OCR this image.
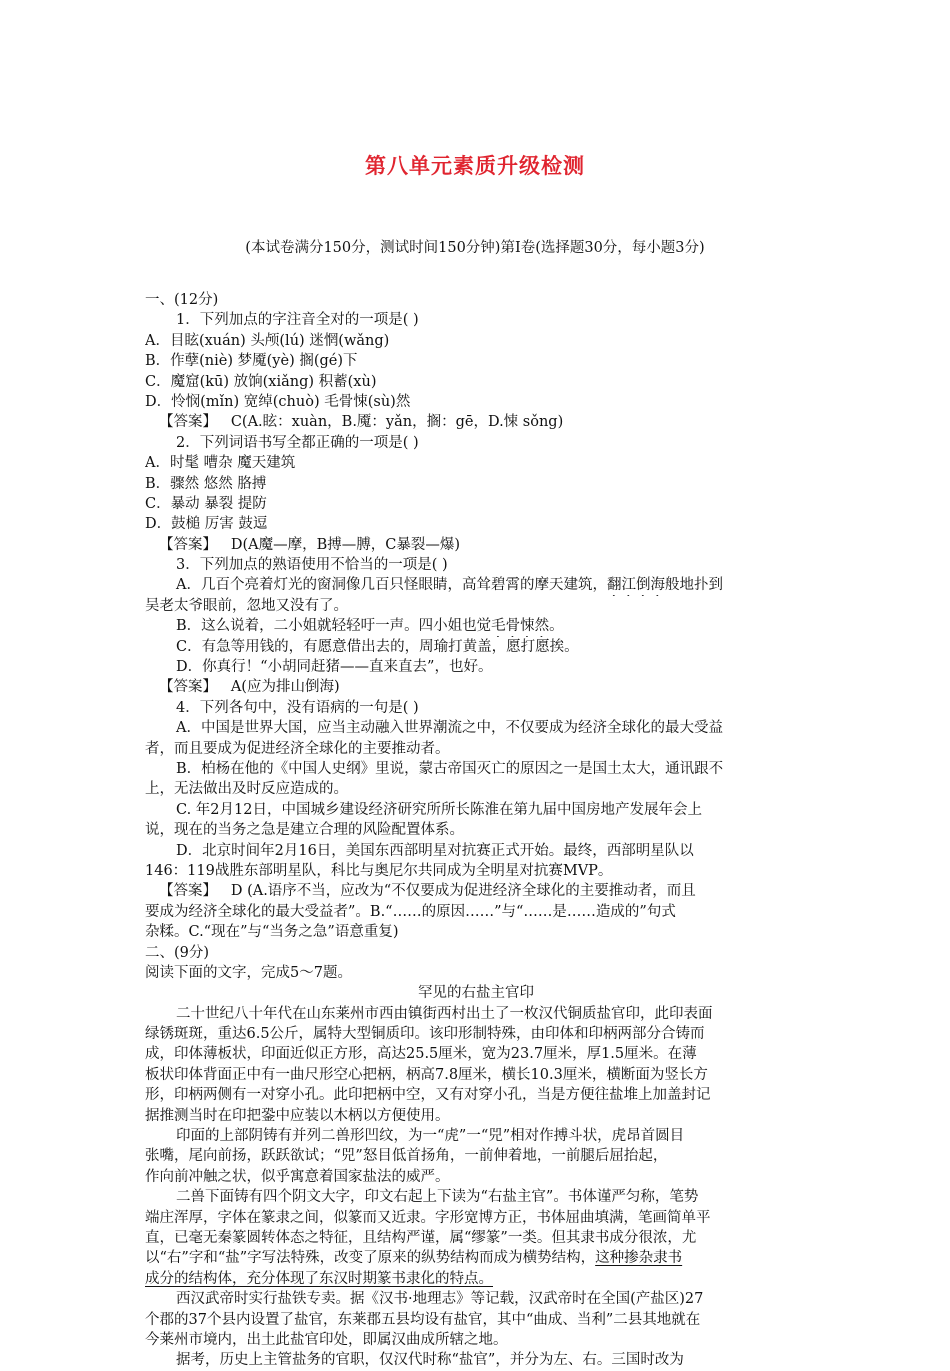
第八单元素质升级检测
(本试卷满分150分，测试时间150分钟)第Ⅰ卷(选择题30分，每小题3分)
一、(12分)
1．下列加点的字注音全对的一项是( )
A．目眩(xuán) 头颅(lú) 迷惘(wǎng)
B．作孽(niè) 梦魇(yè) 搁(gé)下
C．魔窟(kū) 放饷(xiǎng) 积蓄(xù)
D．怜悯(mǐn) 宽绰(chuò) 毛骨悚(sù)然
【答案】 C(A.眩：xuàn，B.魇：yǎn，搁：gē，D.悚 sǒng)
2．下列词语书写全都正确的一项是( )
A．时髦 嘈杂 魔天建筑
B．骤然 悠然 胳搏
C．暴动 暴裂 提防
D．鼓槌 厉害 鼓逗
【答案】 D(A魔—摩，B搏—膊，C暴裂—爆)
3．下列加点的熟语使用不恰当的一项是( )
A．几百个亮着灯光的窗洞像几百只怪眼睛，高耸碧霄的摩天建筑，翻江倒海般地扑到
吴老太爷眼前，忽地又没有了。
B．这么说着，二小姐就轻轻吁一声。四小姐也觉毛骨悚然。
C．有急等用钱的，有愿意借出去的，周瑜打黄盖，愿打愿挨。
D．你真行！“小胡同赶猪——直来直去”，也好。
【答案】 A(应为排山倒海)
4．下列各句中，没有语病的一句是( )
A．中国是世界大国，应当主动融入世界潮流之中，不仅要成为经济全球化的最大受益
者，而且要成为促进经济全球化的主要推动者。
B．柏杨在他的《中国人史纲》里说，蒙古帝国灭亡的原因之一是国土太大，通讯跟不
上，无法做出及时反应造成的。
C. 年2月12日，中国城乡建设经济研究所所长陈淮在第九届中国房地产发展年会上
说，现在的当务之急是建立合理的风险配置体系。
D．北京时间年2月16日，美国东西部明星对抗赛正式开始。最终，西部明星队以
146：119战胜东部明星队，科比与奥尼尔共同成为全明星对抗赛MVP。
【答案】 D (A.语序不当，应改为“不仅要成为促进经济全球化的主要推动者，而且
要成为经济全球化的最大受益者”。B.“……的原因……”与“……是……造成的”句式
杂糅。C.“现在”与“当务之急”语意重复)
二、(9分)
阅读下面的文字，完成5～7题。
罕见的右盐主官印
二十世纪八十年代在山东莱州市西由镇街西村出土了一枚汉代铜质盐官印，此印表面
绿锈斑斑，重达6.5公斤，属特大型铜质印。该印形制特殊，由印体和印柄两部分合铸而
成，印体薄板状，印面近似正方形，高达25.5厘米，宽为23.7厘米，厚1.5厘米。在薄
板状印体背面正中有一曲尺形空心把柄，柄高7.8厘米，横长10.3厘米，横断面为竖长方
形，印柄两侧有一对穿小孔。此印把柄中空，又有对穿小孔，当是方便往盐堆上加盖封记
据推测当时在印把銎中应装以木柄以方便使用。
印面的上部阴铸有并列二兽形凹纹，为一“虎”一“兕”相对作搏斗状，虎昂首圆目
张嘴，尾向前扬，跃跃欲试；“兕”怒目低首扬角，一前伸着地，一前腿后屈抬起，
作向前冲触之状，似乎寓意着国家盐法的威严。
二兽下面铸有四个阴文大字，印文右起上下读为“右盐主官”。书体谨严匀称，笔势
端庄浑厚，字体在篆隶之间，似篆而又近隶。字形宽博方正，书体屈曲填满，笔画简单平
直，已毫无秦篆圆转体态之特征，且结构严谨，属“缪篆”一类。但其隶书成分很浓，尤
以“右”字和“盐”字写法特殊，改变了原来的纵势结构而成为横势结构，这种掺杂隶书
成分的结构体，充分体现了东汉时期篆书隶化的特点。
西汉武帝时实行盐铁专卖。据《汉书·地理志》等记载，汉武帝时在全国(产盐区)27
个郡的37个县内设置了盐官，东莱郡五县均设有盐官，其中“曲成、当利”二县其地就在
今莱州市境内，出土此盐官印处，即属汉曲成所辖之地。
据考，历史上主管盐务的官职，仅汉代时称“盐官”，并分为左、右。三国时改为
